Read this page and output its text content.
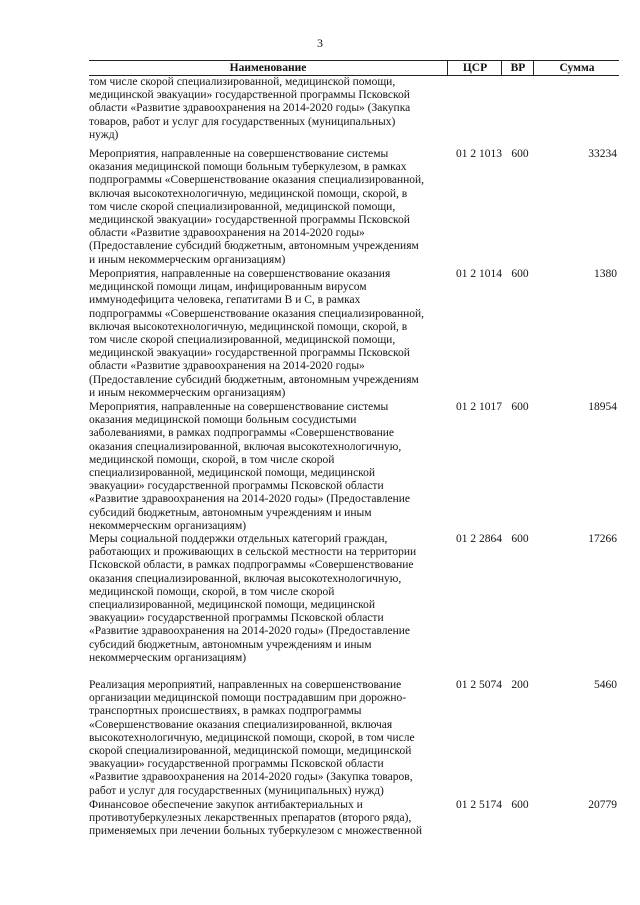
3
Наименование	ЦСР	ВР	Сумма
том числе скорой специализированной, медицинской помощи,
медицинской эвакуации» государственной программы Псковской
области «Развитие здравоохранения на 2014-2020 годы» (Закупка
товаров, работ и услуг для государственных (муниципальных)
нужд)
Мероприятия, направленные на совершенствование системы
оказания медицинской помощи больным туберкулезом, в рамках
подпрограммы «Совершенствование оказания специализированной,
включая высокотехнологичную, медицинской помощи, скорой, в
том числе скорой специализированной, медицинской помощи,
медицинской эвакуации» государственной программы Псковской
области «Развитие здравоохранения на 2014-2020 годы»
(Предоставление субсидий бюджетным, автономным учреждениям
и иным некоммерческим организациям)
01 2 1013 600	33234
Мероприятия, направленные на совершенствование оказания
медицинской помощи лицам, инфицированным вирусом
иммунодефицита человека, гепатитами В и С, в рамках
подпрограммы «Совершенствование оказания специализированной,
включая высокотехнологичную, медицинской помощи, скорой, в
том числе скорой специализированной, медицинской помощи,
медицинской эвакуации» государственной программы Псковской
области «Развитие здравоохранения на 2014-2020 годы»
(Предоставление субсидий бюджетным, автономным учреждениям
и иным некоммерческим организациям)
01 2 1014 600	1380
Мероприятия, направленные на совершенствование системы
оказания медицинской помощи больным сосудистыми
заболеваниями, в рамках подпрограммы «Совершенствование
оказания специализированной, включая высокотехнологичную,
медицинской помощи, скорой, в том числе скорой
специализированной, медицинской помощи, медицинской
эвакуации» государственной программы Псковской области
«Развитие здравоохранения на 2014-2020 годы» (Предоставление
субсидий бюджетным, автономным учреждениям и иным
некоммерческим организациям)
01 2 1017 600	18954
Меры социальной поддержки отдельных категорий граждан,
работающих и проживающих в сельской местности на территории
Псковской области, в рамках подпрограммы «Совершенствование
оказания специализированной, включая высокотехнологичную,
медицинской помощи, скорой, в том числе скорой
специализированной, медицинской помощи, медицинской
эвакуации» государственной программы Псковской области
«Развитие здравоохранения на 2014-2020 годы» (Предоставление
субсидий бюджетным, автономным учреждениям и иным
некоммерческим организациям)
01 2 2864 600	17266
Реализация мероприятий, направленных на совершенствование
организации медицинской помощи пострадавшим при дорожно-
транспортных происшествиях, в рамках подпрограммы
«Совершенствование оказания специализированной, включая
высокотехнологичную, медицинской помощи, скорой, в том числе
скорой специализированной, медицинской помощи, медицинской
эвакуации» государственной программы Псковской области
«Развитие здравоохранения на 2014-2020 годы» (Закупка товаров,
работ и услуг для государственных (муниципальных) нужд)
01 2 5074 200	5460
Финансовое обеспечение закупок антибактериальных и
противотуберкулезных лекарственных препаратов (второго ряда),
применяемых при лечении больных туберкулезом с множественной
01 2 5174 600	20779
